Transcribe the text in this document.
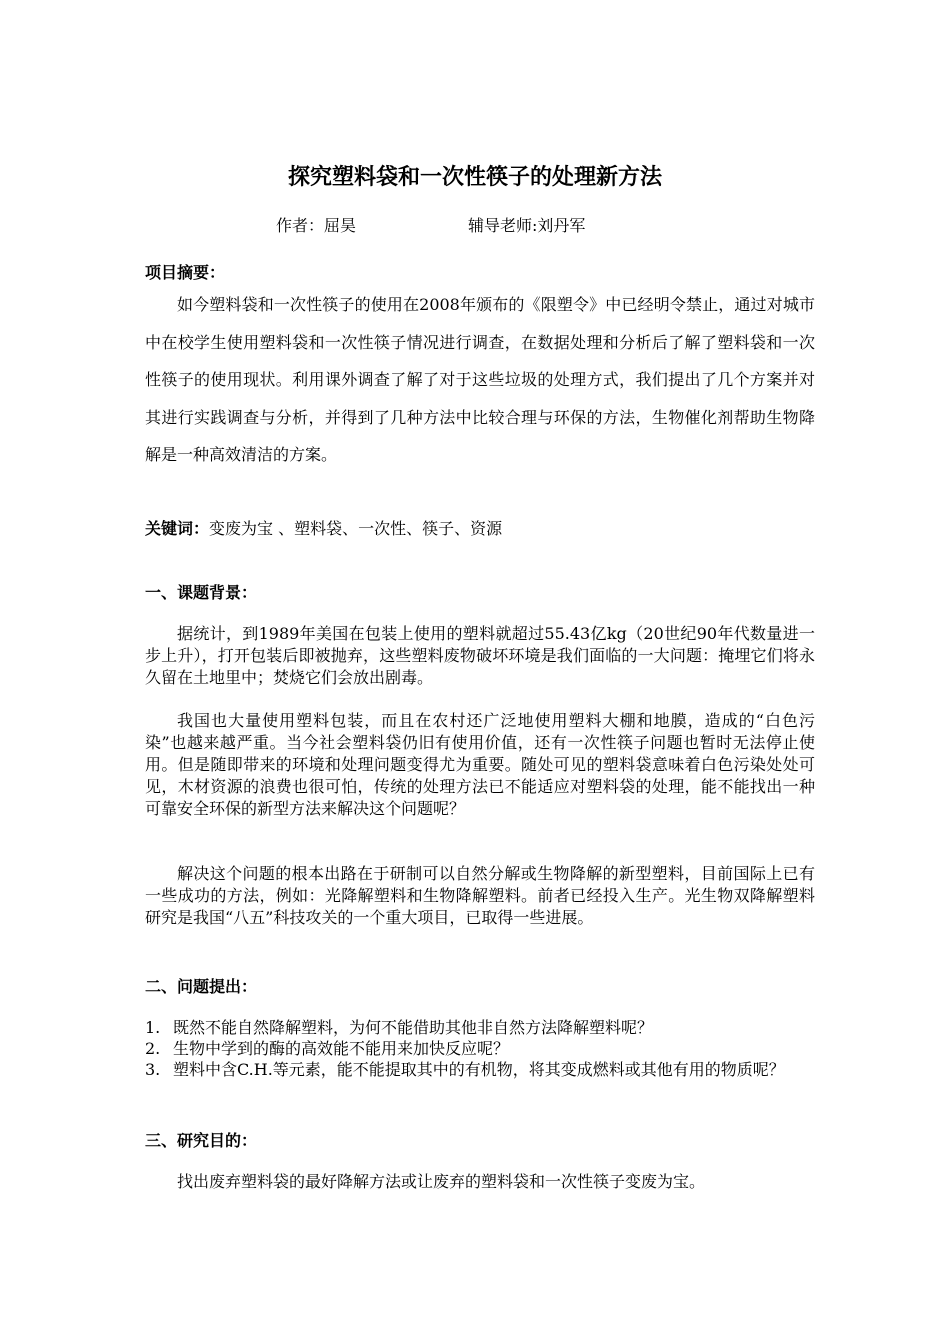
探究塑料袋和一次性筷子的处理新方法
作者：屈昊	辅导老师:刘丹军
项目摘要：
如今塑料袋和一次性筷子的使用在2008年颁布的《限塑令》中已经明令禁止，通过对城市中在校学生使用塑料袋和一次性筷子情况进行调查，在数据处理和分析后了解了塑料袋和一次性筷子的使用现状。利用课外调查了解了对于这些垃圾的处理方式，我们提出了几个方案并对其进行实践调查与分析，并得到了几种方法中比较合理与环保的方法，生物催化剂帮助生物降解是一种高效清洁的方案。
关键词：变废为宝 、塑料袋、一次性、筷子、资源
一、课题背景：
据统计，到1989年美国在包装上使用的塑料就超过55.43亿kg（20世纪90年代数量进一步上升），打开包装后即被抛弃，这些塑料废物破坏环境是我们面临的一大问题：掩埋它们将永久留在土地里中；焚烧它们会放出剧毒。
我国也大量使用塑料包装，而且在农村还广泛地使用塑料大棚和地膜，造成的“白色污染”也越来越严重。当今社会塑料袋仍旧有使用价值，还有一次性筷子问题也暂时无法停止使用。但是随即带来的环境和处理问题变得尤为重要。随处可见的塑料袋意味着白色污染处处可见，木材资源的浪费也很可怕，传统的处理方法已不能适应对塑料袋的处理，能不能找出一种可靠安全环保的新型方法来解决这个问题呢？
解决这个问题的根本出路在于研制可以自然分解或生物降解的新型塑料，目前国际上已有一些成功的方法，例如：光降解塑料和生物降解塑料。前者已经投入生产。光生物双降解塑料研究是我国“八五”科技攻关的一个重大项目，已取得一些进展。
二、问题提出：
1. 既然不能自然降解塑料，为何不能借助其他非自然方法降解塑料呢？
2. 生物中学到的酶的高效能不能用来加快反应呢？
3. 塑料中含C.H.等元素，能不能提取其中的有机物，将其变成燃料或其他有用的物质呢？
三、研究目的：
找出废弃塑料袋的最好降解方法或让废弃的塑料袋和一次性筷子变废为宝。
